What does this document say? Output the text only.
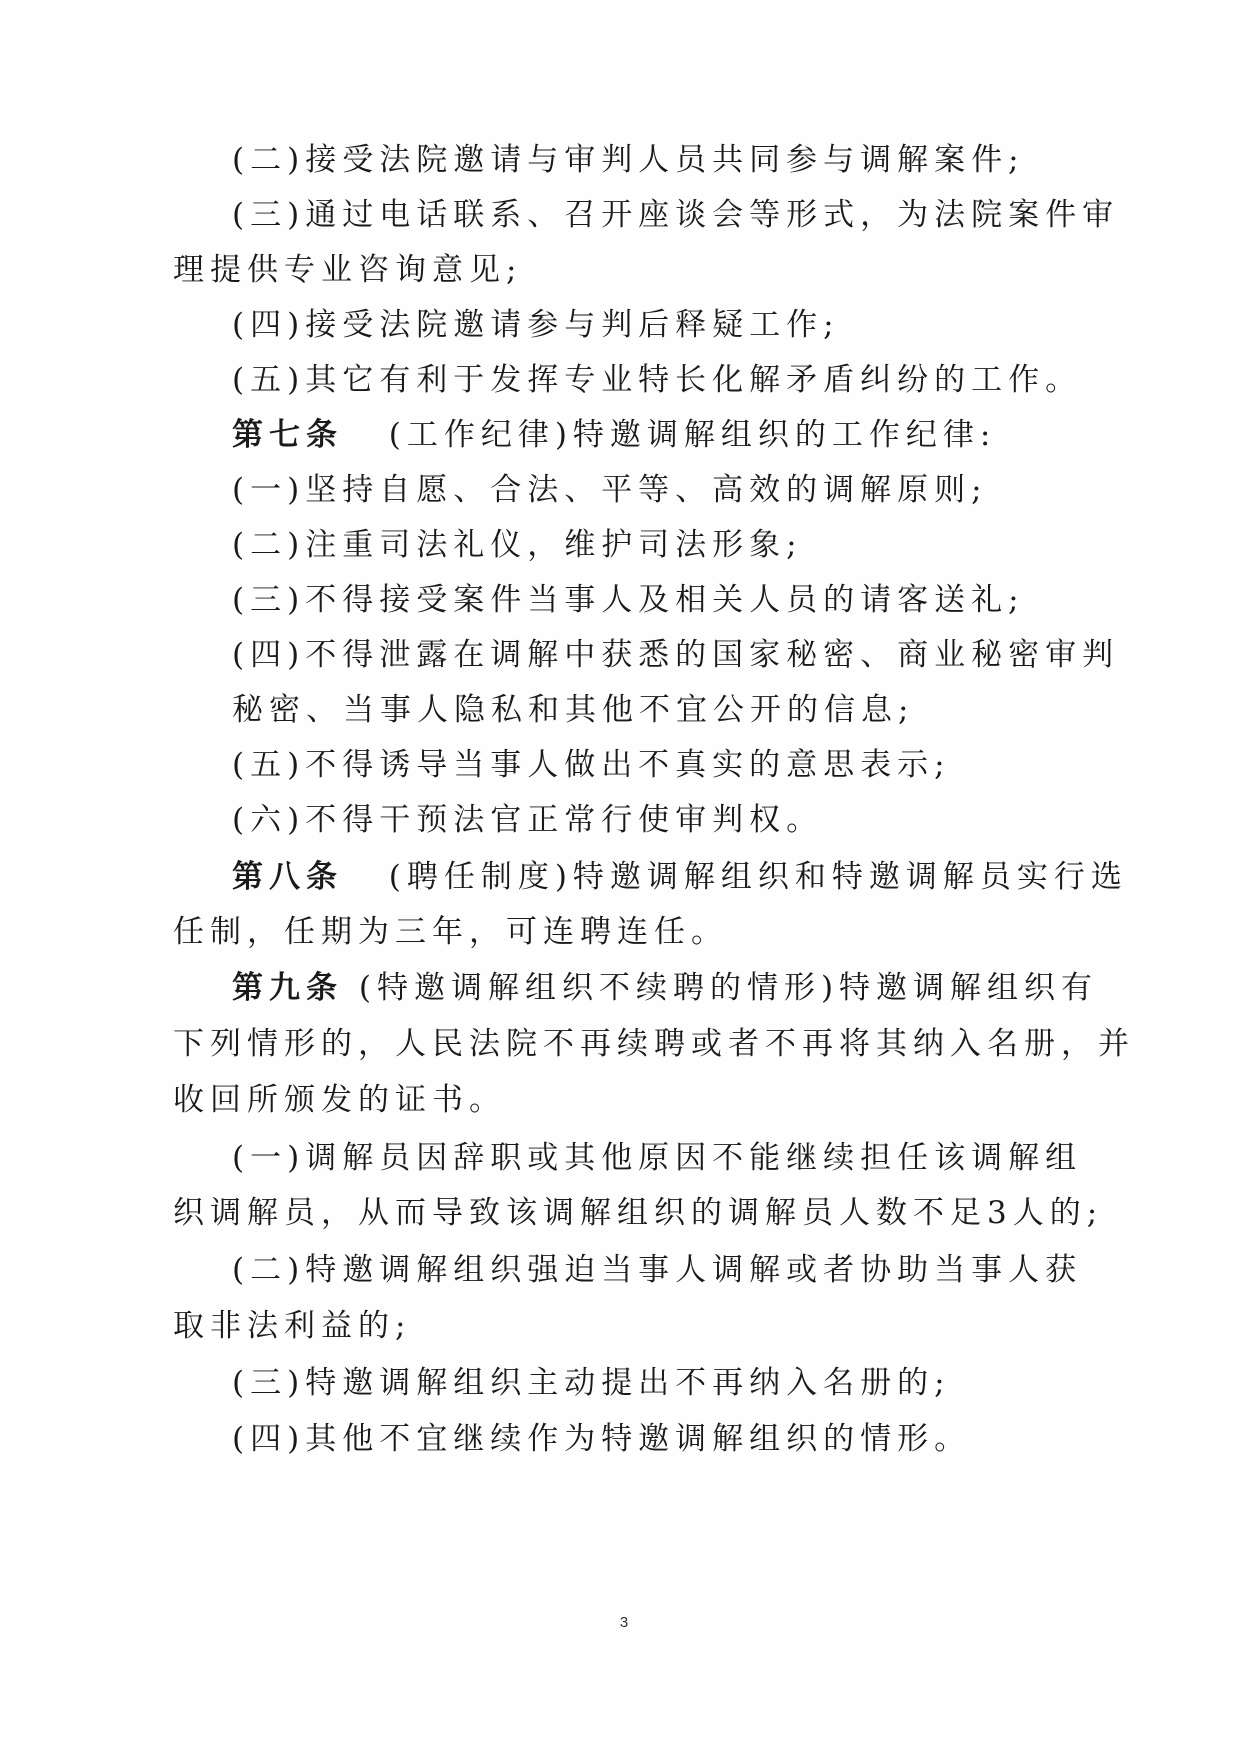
(二)接受法院邀请与审判人员共同参与调解案件;
(三)通过电话联系、召开座谈会等形式，为法院案件审
理提供专业咨询意见;
(四)接受法院邀请参与判后释疑工作;
(五)其它有利于发挥专业特长化解矛盾纠纷的工作。
第七条 (工作纪律)特邀调解组织的工作纪律:
(一)坚持自愿、合法、平等、高效的调解原则;
(二)注重司法礼仪，维护司法形象;
(三)不得接受案件当事人及相关人员的请客送礼;
(四)不得泄露在调解中获悉的国家秘密、商业秘密审判
秘密、当事人隐私和其他不宜公开的信息;
(五)不得诱导当事人做出不真实的意思表示;
(六)不得干预法官正常行使审判权。
第八条 (聘任制度)特邀调解组织和特邀调解员实行选
任制，任期为三年，可连聘连任。
第九条 (特邀调解组织不续聘的情形)特邀调解组织有
下列情形的，人民法院不再续聘或者不再将其纳入名册，并
收回所颁发的证书。
(一)调解员因辞职或其他原因不能继续担任该调解组
织调解员，从而导致该调解组织的调解员人数不足3人的;
(二)特邀调解组织强迫当事人调解或者协助当事人获
取非法利益的;
(三)特邀调解组织主动提出不再纳入名册的;
(四)其他不宜继续作为特邀调解组织的情形。
3
